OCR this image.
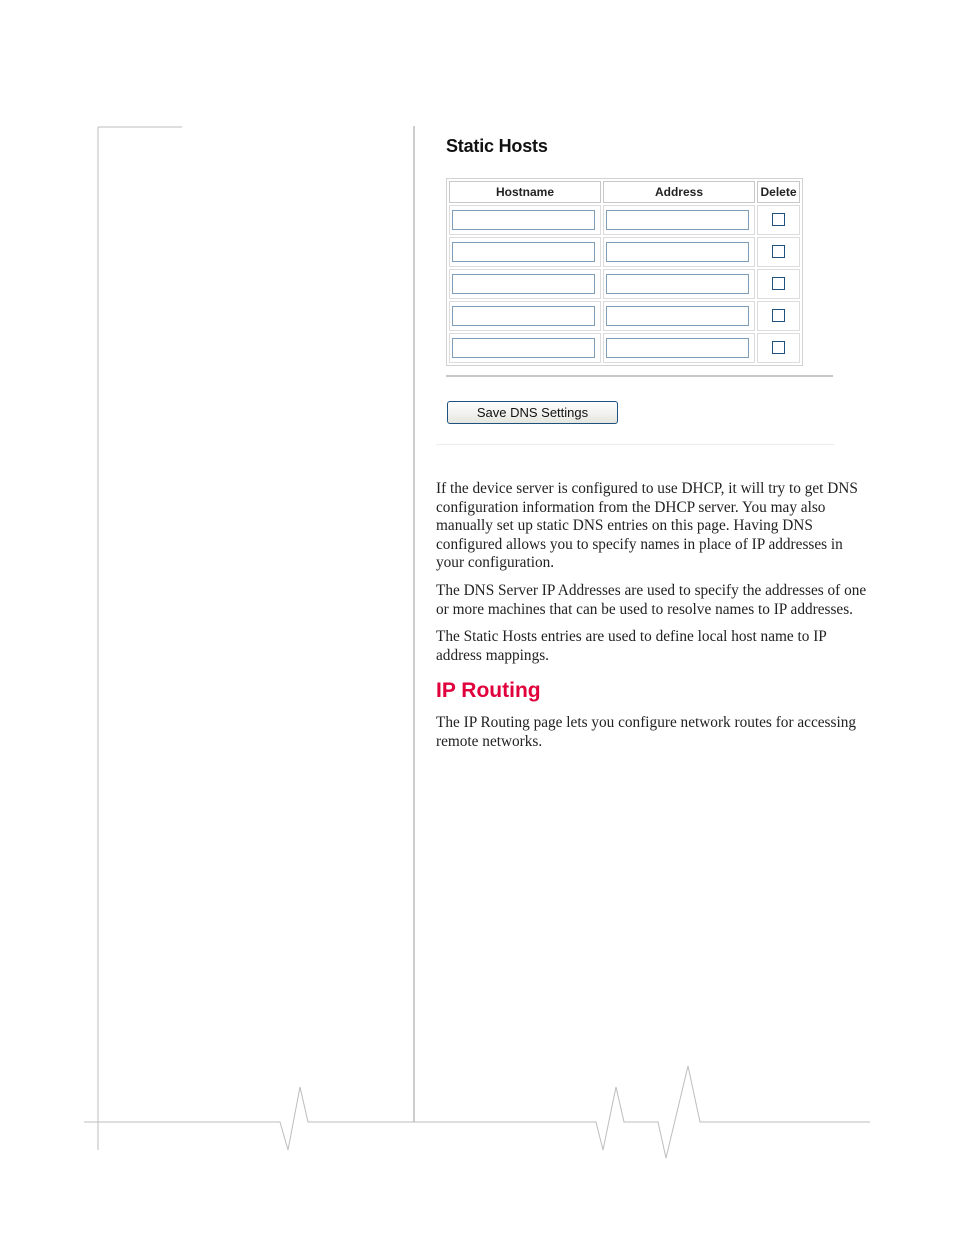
Static Hosts
Hostname	Address	Delete

Save DNS Settings

If the device server is configured to use DHCP, it will try to get DNS configuration information from the DHCP server. You may also manually set up static DNS entries on this page. Having DNS configured allows you to specify names in place of IP addresses in your configuration.

The DNS Server IP Addresses are used to specify the addresses of one or more machines that can be used to resolve names to IP addresses.

The Static Hosts entries are used to define local host name to IP address mappings.

IP Routing

The IP Routing page lets you configure network routes for accessing remote networks.
